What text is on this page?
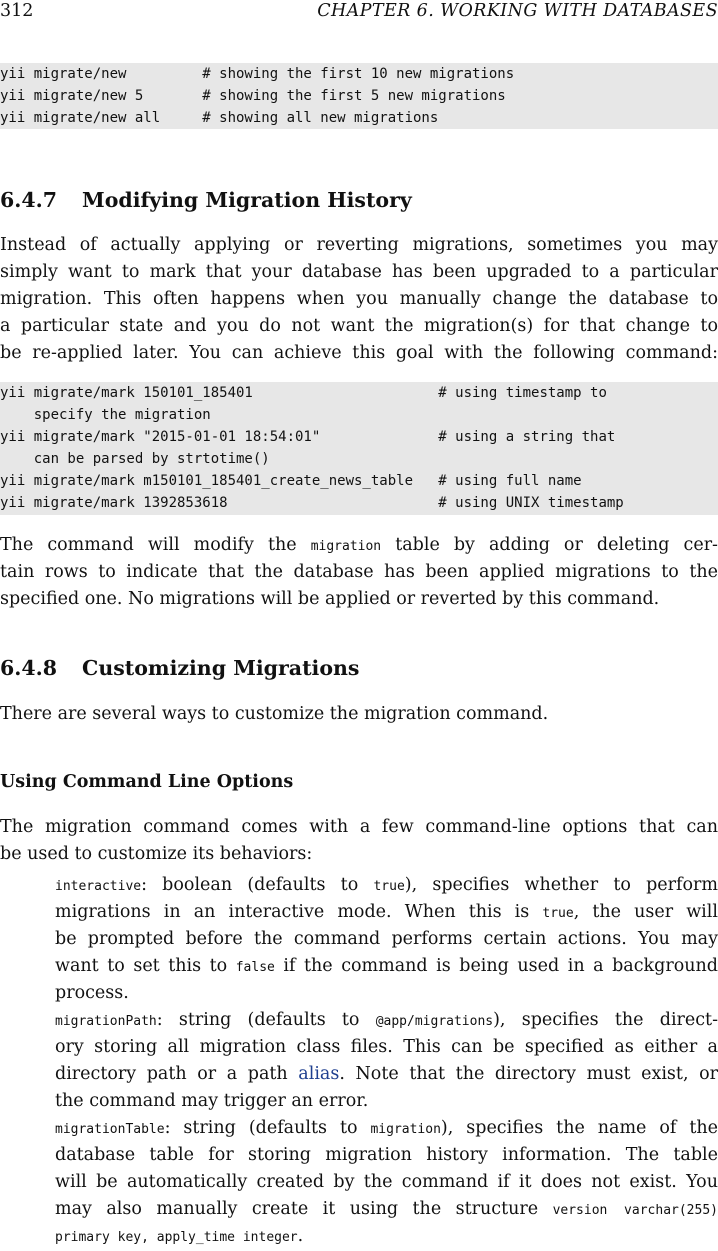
312	CHAPTER 6. WORKING WITH DATABASES
yii migrate/new         # showing the first 10 new migrations
yii migrate/new 5       # showing the first 5 new migrations
yii migrate/new all     # showing all new migrations
6.4.7 Modifying Migration History
Instead of actually applying or reverting migrations, sometimes you may
simply want to mark that your database has been upgraded to a particular
migration. This often happens when you manually change the database to
a particular state and you do not want the migration(s) for that change to
be re-applied later. You can achieve this goal with the following command:
yii migrate/mark 150101_185401                      # using timestamp to
specify the migration
yii migrate/mark "2015-01-01 18:54:01"              # using a string that
can be parsed by strtotime()
yii migrate/mark m150101_185401_create_news_table   # using full name
yii migrate/mark 1392853618                         # using UNIX timestamp
The command will modify the migration table by adding or deleting cer-
tain rows to indicate that the database has been applied migrations to the
specified one. No migrations will be applied or reverted by this command.
6.4.8 Customizing Migrations
There are several ways to customize the migration command.
Using Command Line Options
The migration command comes with a few command-line options that can
be used to customize its behaviors:
interactive: boolean (defaults to true), specifies whether to perform
migrations in an interactive mode. When this is true, the user will
be prompted before the command performs certain actions. You may
want to set this to false if the command is being used in a background
process.
migrationPath: string (defaults to @app/migrations), specifies the direct-
ory storing all migration class files. This can be specified as either a
directory path or a path alias. Note that the directory must exist, or
the command may trigger an error.
migrationTable: string (defaults to migration), specifies the name of the
database table for storing migration history information. The table
will be automatically created by the command if it does not exist. You
may also manually create it using the structure version varchar(255)
primary key, apply_time integer.
